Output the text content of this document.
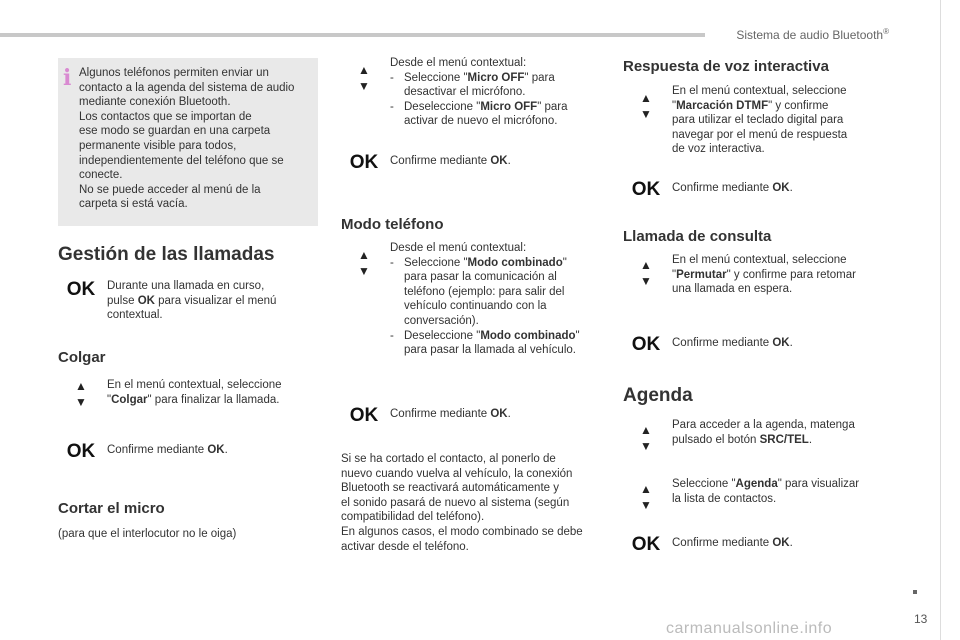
Sistema de audio Bluetooth®
i Algunos teléfonos permiten enviar un
contacto a la agenda del sistema de audio
mediante conexión Bluetooth.
Los contactos que se importan de
ese modo se guardan en una carpeta
permanente visible para todos,
independientemente del teléfono que se
conecte.
No se puede acceder al menú de la
carpeta si está vacía.

Gestión de las llamadas
OK Durante una llamada en curso,
pulse OK para visualizar el menú
contextual.
Colgar
▲
▼
En el menú contextual, seleccione
"Colgar" para finalizar la llamada.
OK Confirme mediante OK.
Cortar el micro
(para que el interlocutor no le oiga)
▲
▼
Desde el menú contextual:
- Seleccione "Micro OFF" para desactivar el micrófono.
- Deseleccione "Micro OFF" para activar de nuevo el micrófono.
OK Confirme mediante OK.
Modo teléfono
▲
▼
Desde el menú contextual:
- Seleccione "Modo combinado" para pasar la comunicación al teléfono (ejemplo: para salir del vehículo continuando con la conversación).
- Deseleccione "Modo combinado" para pasar la llamada al vehículo.
OK Confirme mediante OK.
Si se ha cortado el contacto, al ponerlo de
nuevo cuando vuelva al vehículo, la conexión
Bluetooth se reactivará automáticamente y
el sonido pasará de nuevo al sistema (según
compatibilidad del teléfono).
En algunos casos, el modo combinado se debe
activar desde el teléfono.
Respuesta de voz interactiva
▲
▼
En el menú contextual, seleccione
"Marcación DTMF" y confirme
para utilizar el teclado digital para
navegar por el menú de respuesta
de voz interactiva.
OK Confirme mediante OK.
Llamada de consulta
▲
▼
En el menú contextual, seleccione
"Permutar" y confirme para retomar
una llamada en espera.
OK Confirme mediante OK.
Agenda
▲
▼
Para acceder a la agenda, matenga
pulsado el botón SRC/TEL.
▲
▼
Seleccione "Agenda" para visualizar
la lista de contactos.
OK Confirme mediante OK.
13
carmanualsonline.info
